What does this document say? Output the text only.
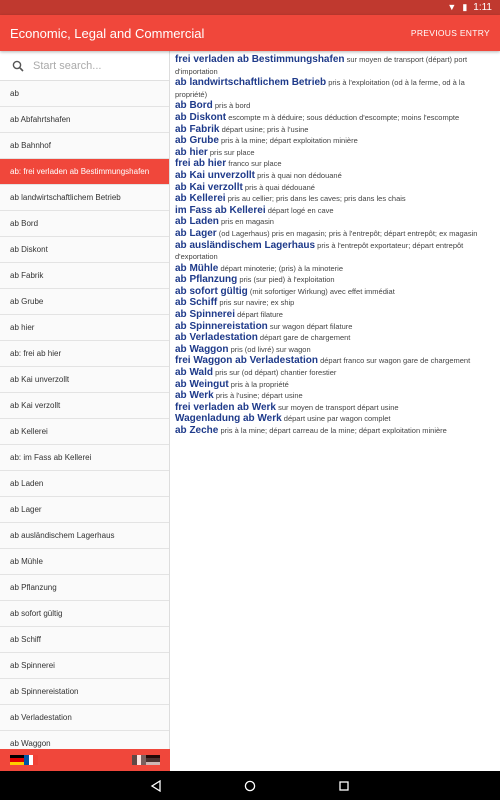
▼ ▮ 1:11
Economic, Legal and Commercial	PREVIOUS ENTRY
Start search...
ab
ab Abfahrtshafen
ab Bahnhof
ab: frei verladen ab Bestimmungshafen
ab landwirtschaftlichem Betrieb
ab Bord
ab Diskont
ab Fabrik
ab Grube
ab hier
ab: frei ab hier
ab Kai unverzollt
ab Kai verzollt
ab Kellerei
ab: im Fass ab Kellerei
ab Laden
ab Lager
ab ausländischem Lagerhaus
ab Mühle
ab Pflanzung
ab sofort gültig
ab Schiff
ab Spinnerei
ab Spinnereistation
ab Verladestation
ab Waggon
frei verladen ab Bestimmungshafen sur moyen de transport (départ) port d'importation
ab landwirtschaftlichem Betrieb pris à l'exploitation (od à la ferme, od à la propriété)
ab Bord pris à bord
ab Diskont escompte m à déduire; sous déduction d'escompte; moins l'escompte
ab Fabrik départ usine; pris à l'usine
ab Grube pris à la mine; départ exploitation minière
ab hier pris sur place
frei ab hier franco sur place
ab Kai unverzollt pris à quai non dédouané
ab Kai verzollt pris à quai dédouané
ab Kellerei pris au cellier; pris dans les caves; pris dans les chais
im Fass ab Kellerei départ logé en cave
ab Laden pris en magasin
ab Lager (od Lagerhaus) pris en magasin; pris à l'entrepôt; départ entrepôt; ex magasin
ab ausländischem Lagerhaus pris à l'entrepôt exportateur; départ entrepôt d'exportation
ab Mühle départ minoterie; (pris) à la minoterie
ab Pflanzung pris (sur pied) à l'exploitation
ab sofort gültig (mit sofortiger Wirkung) avec effet immédiat
ab Schiff pris sur navire; ex ship
ab Spinnerei départ filature
ab Spinnereistation sur wagon départ filature
ab Verladestation départ gare de chargement
ab Waggon pris (od livré) sur wagon
frei Waggon ab Verladestation départ franco sur wagon gare de chargement
ab Wald pris sur (od départ) chantier forestier
ab Weingut pris à la propriété
ab Werk pris à l'usine; départ usine
frei verladen ab Werk sur moyen de transport départ usine
Wagenladung ab Werk départ usine par wagon complet
ab Zeche pris à la mine; départ carreau de la mine; départ exploitation minière
